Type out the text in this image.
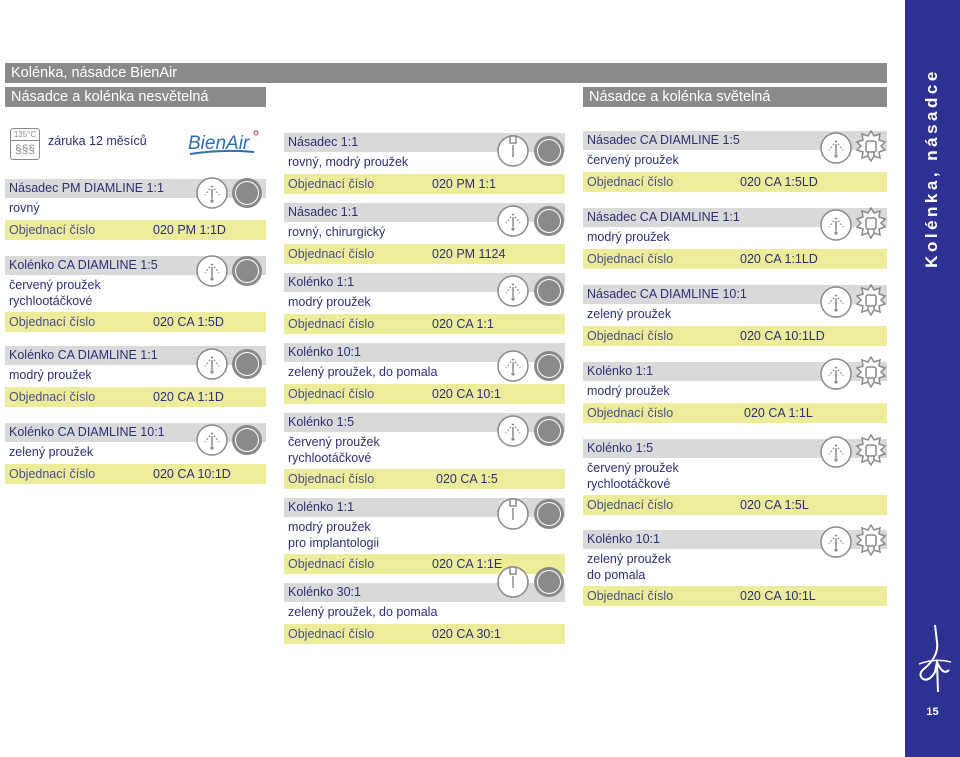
Kolénka, násadce BienAir
Násadce a kolénka nesvětelná	Násadce a kolénka světelná
135°C
§§§
záruka 12 měsíců BienAir	Kolénka, násadce
15
Násadec PM DIAMLINE 1:1
rovný
Objednací číslo	020 PM 1:1D
Kolénko CA DIAMLINE 1:5
červený proužek
rychlootáčkové
Objednací číslo	020 CA 1:5D
Kolénko CA DIAMLINE 1:1
modrý proužek
Objednací číslo	020 CA 1:1D
Kolénko CA DIAMLINE 10:1
zelený proužek
Objednací číslo	020 CA 10:1D
Násadec 1:1
rovný, modrý proužek
Objednací číslo	020 PM 1:1
Násadec 1:1
rovný, chirurgický
Objednací číslo	020 PM 1124
Kolénko 1:1
modrý proužek
Objednací číslo	020 CA 1:1
Kolénko 10:1
zelený proužek, do pomala
Objednací číslo	020 CA 10:1
Kolénko 1:5
červený proužek
rychlootáčkové
Objednací číslo	020 CA 1:5
Kolénko 1:1
modrý proužek
pro implantologii
Objednací číslo	020 CA 1:1E
Kolénko 30:1
zelený proužek, do pomala
Objednací číslo	020 CA 30:1
Násadec CA DIAMLINE 1:5
červený proužek
Objednací číslo	020 CA 1:5LD
Násadec CA DIAMLINE 1:1
modrý proužek
Objednací číslo	020 CA 1:1LD
Násadec CA DIAMLINE 10:1
zelený proužek
Objednací číslo	020 CA 10:1LD
Kolénko 1:1
modrý proužek
Objednací číslo	020 CA 1:1L
Kolénko 1:5
červený proužek
rychlootáčkové
Objednací číslo	020 CA 1:5L
Kolénko 10:1
zelený proužek
do pomala
Objednací číslo	020 CA 10:1L
